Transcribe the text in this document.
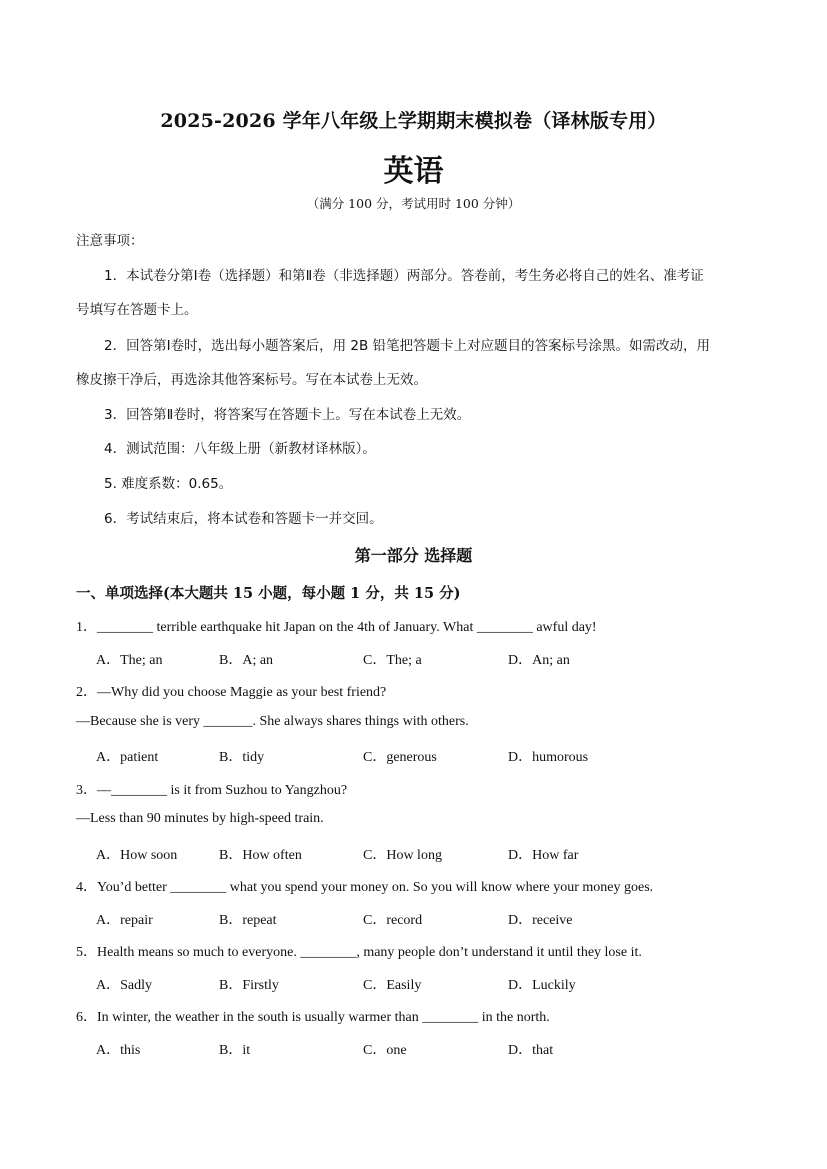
2025-2026 学年八年级上学期期末模拟卷（译林版专用）
英语
（满分 100 分，考试用时 100 分钟）
注意事项：
1．本试卷分第Ⅰ卷（选择题）和第Ⅱ卷（非选择题）两部分。答卷前，考生务必将自己的姓名、准考证
号填写在答题卡上。
2．回答第Ⅰ卷时，选出每小题答案后，用 2B 铅笔把答题卡上对应题目的答案标号涂黑。如需改动，用
橡皮擦干净后，再选涂其他答案标号。写在本试卷上无效。
3．回答第Ⅱ卷时，将答案写在答题卡上。写在本试卷上无效。
4．测试范围：八年级上册（新教材译林版）。
5. 难度系数：0.65。
6．考试结束后，将本试卷和答题卡一并交回。
第一部分 选择题
一、单项选择(本大题共 15 小题，每小题 1 分，共 15 分)
1．________ terrible earthquake hit Japan on the 4th of January. What ________ awful day!
A．The; an	B．A; an	C．The; a	D．An; an
2．—Why did you choose Maggie as your best friend?
—Because she is very _______. She always shares things with others.
A．patient	B．tidy	C．generous	D．humorous
3．—________ is it from Suzhou to Yangzhou?
—Less than 90 minutes by high-speed train.
A．How soon	B．How often	C．How long	D．How far
4．You’d better ________ what you spend your money on. So you will know where your money goes.
A．repair	B．repeat	C．record	D．receive
5．Health means so much to everyone. ________, many people don’t understand it until they lose it.
A．Sadly	B．Firstly	C．Easily	D．Luckily
6．In winter, the weather in the south is usually warmer than ________ in the north.
A．this	B．it	C．one	D．that
